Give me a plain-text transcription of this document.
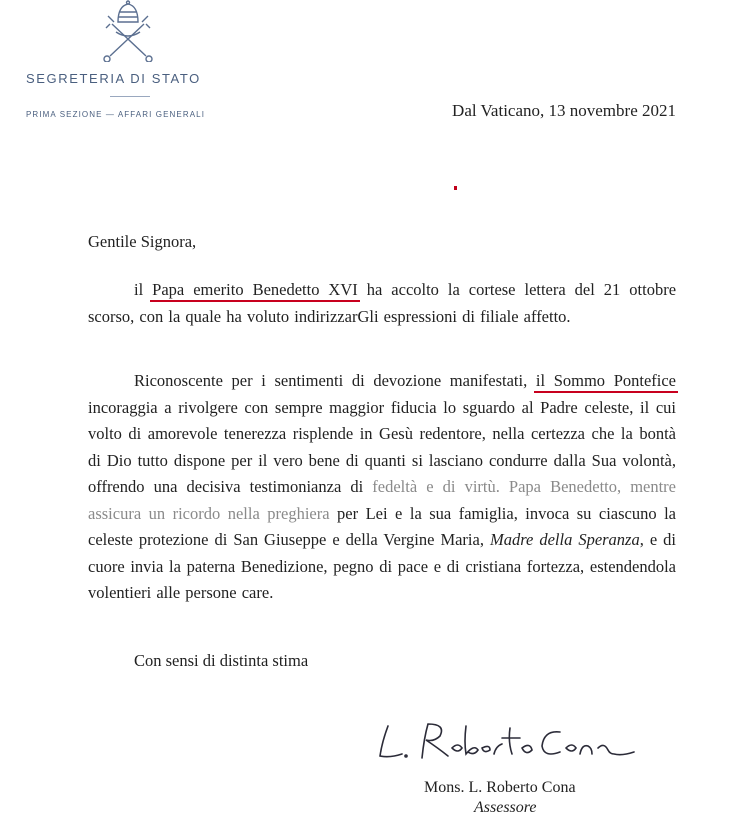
SEGRETERIA DI STATO
PRIMA SEZIONE — AFFARI GENERALI	Dal Vaticano, 13 novembre 2021
Gentile Signora,

il Papa emerito Benedetto XVI ha accolto la cortese lettera del 21 ottobre scorso, con la quale ha voluto indirizzarGli espressioni di filiale affetto.

Riconoscente per i sentimenti di devozione manifestati, il Sommo Pontefice incoraggia a rivolgere con sempre maggior fiducia lo sguardo al Padre celeste, il cui volto di amorevole tenerezza risplende in Gesù redentore, nella certezza che la bontà di Dio tutto dispone per il vero bene di quanti si lasciano condurre dalla Sua volontà, offrendo una decisiva testimonianza di fedeltà e di virtù. Papa Benedetto, mentre assicura un ricordo nella preghiera per Lei e la sua famiglia, invoca su ciascuno la celeste protezione di San Giuseppe e della Vergine Maria, Madre della Speranza, e di cuore invia la paterna Benedizione, pegno di pace e di cristiana fortezza, estendendola volentieri alle persone care.

Con sensi di distinta stima
Mons. L. Roberto Cona
Assessore
